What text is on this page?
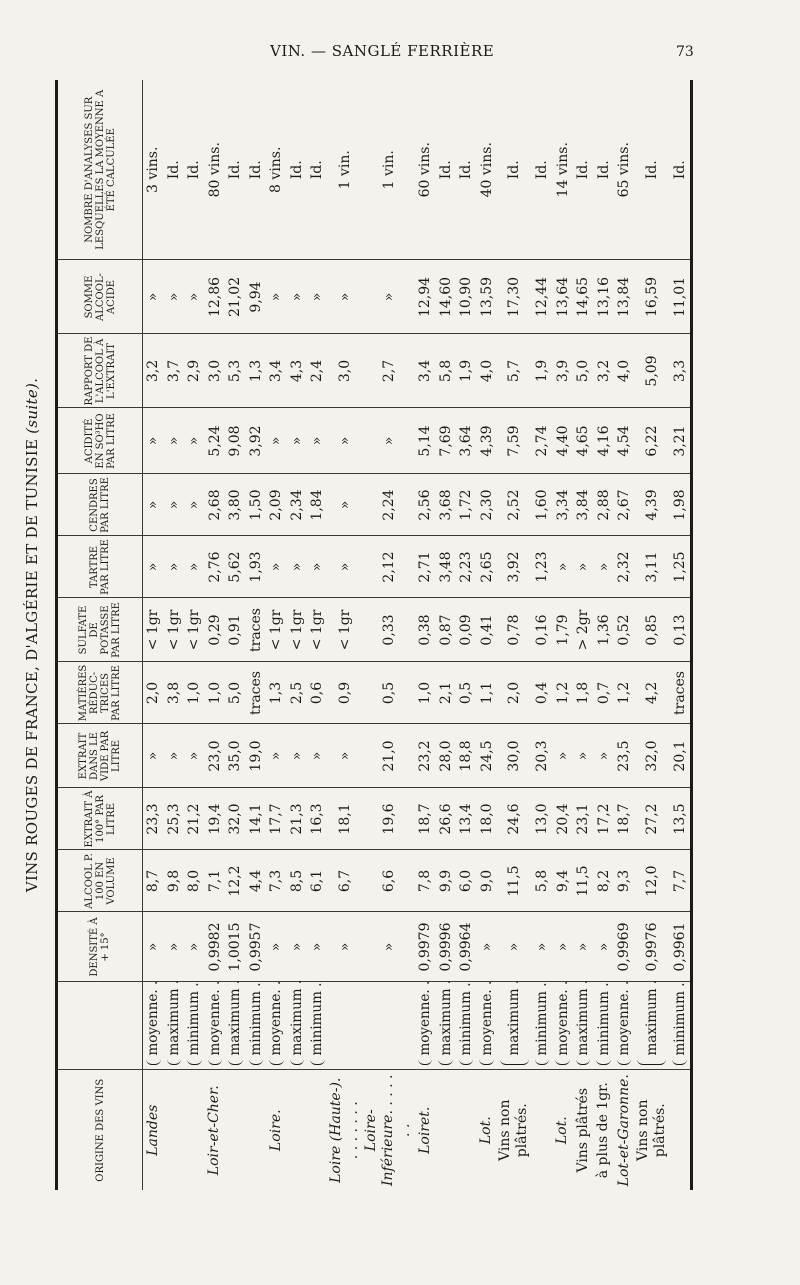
VIN. — SANGLÉ FERRIÈRE	73
VINS ROUGES DE FRANCE, D'ALGÉRIE ET DE TUNISIE (suite).
ORIGINE DES VINS		DENSITÉ À + 15°	ALCOOL P. 100 EN VOLUME	EXTRAIT À 100° PAR LITRE	EXTRAIT DANS LE VIDE PAR LITRE	MATIÈRES RÉDUC- TRICES PAR LITRE	SULFATE DE POTASSE PAR LITRE	TARTRE PAR LITRE	CENDRES PAR LITRE	ACIDITÉ EN SO³HO PAR LITRE	RAPPORT DE L'ALCOOL À L'EXTRAIT	SOMME ALCOOL- ACIDE	NOMBRE D'ANALYSES SUR LESQUELLES LA MOYENNE A ÉTÉ CALCULÉE
Landes	moyenne. .	»	8,7	23,3	»	2,0	< 1gr	»	»	»	3,2	»	3 vins.
	maximum .	»	9,8	25,3	»	3,8	< 1gr	»	»	»	3,7	»	Id.
	minimum .	»	8,0	21,2	»	1,0	< 1gr	»	»	»	2,9	»	Id.
Loir-et-Cher.	moyenne. .	0,9982	7,1	19,4	23,0	1,0	0,29	2,76	2,68	5,24	3,0	12,86	80 vins.
	maximum .	1,0015	12,2	32,0	35,0	5,0	0,91	5,62	3,80	9,08	5,3	21,02	Id.
	minimum .	0,9957	4,4	14,1	19,0	traces	traces	1,93	1,50	3,92	1,3	9,94	Id.
Loire.	moyenne. .	»	7,3	17,7	»	1,3	< 1gr	»	2,09	»	3,4	»	8 vins.
	maximum .	»	8,5	21,3	»	2,5	< 1gr	»	2,34	»	4,3	»	Id.
	minimum .	»	6,1	16,3	»	0,6	< 1gr	»	1,84	»	2,4	»	Id.
Loire (Haute-). . . . . . . .		»	6,7	18,1	»	0,9	< 1gr	»	»	»	3,0	»	1 vin.
Loire-Inférieure. . . . . . .		»	6,6	19,6	21,0	0,5	0,33	2,12	2,24	»	2,7	»	1 vin.
Loiret.	moyenne. .	0,9979	7,8	18,7	23,2	1,0	0,38	2,71	2,56	5,14	3,4	12,94	60 vins.
	maximum .	0,9996	9,9	26,6	28,0	2,1	0,87	3,48	3,68	7,69	5,8	14,60	Id.
	minimum .	0,9964	6,0	13,4	18,8	0,5	0,09	2,23	1,72	3,64	1,9	10,90	Id.
Lot.	moyenne. .	»	9,0	18,0	24,5	1,1	0,41	2,65	2,30	4,39	4,0	13,59	40 vins.
Vins non plâtrés.	maximum .	»	11,5	24,6	30,0	2,0	0,78	3,92	2,52	7,59	5,7	17,30	Id.
	minimum .	»	5,8	13,0	20,3	0,4	0,16	1,23	1,60	2,74	1,9	12,44	Id.
Lot.	moyenne. .	»	9,4	20,4	»	1,2	1,79	»	3,34	4,40	3,9	13,64	14 vins.
Vins plâtrés	maximum .	»	11,5	23,1	»	1,8	> 2gr	»	3,84	4,65	5,0	14,65	Id.
à plus de 1gr.	minimum .	»	8,2	17,2	»	0,7	1,36	»	2,88	4,16	3,2	13,16	Id.
Lot-et-Garonne.	moyenne. .	0,9969	9,3	18,7	23,5	1,2	0,52	2,32	2,67	4,54	4,0	13,84	65 vins.
Vins non plâtrés.	maximum .	0,9976	12,0	27,2	32,0	4,2	0,85	3,11	4,39	6,22	5,09	16,59	Id.
	minimum .	0,9961	7,7	13,5	20,1	traces	0,13	1,25	1,98	3,21	3,3	11,01	Id.
